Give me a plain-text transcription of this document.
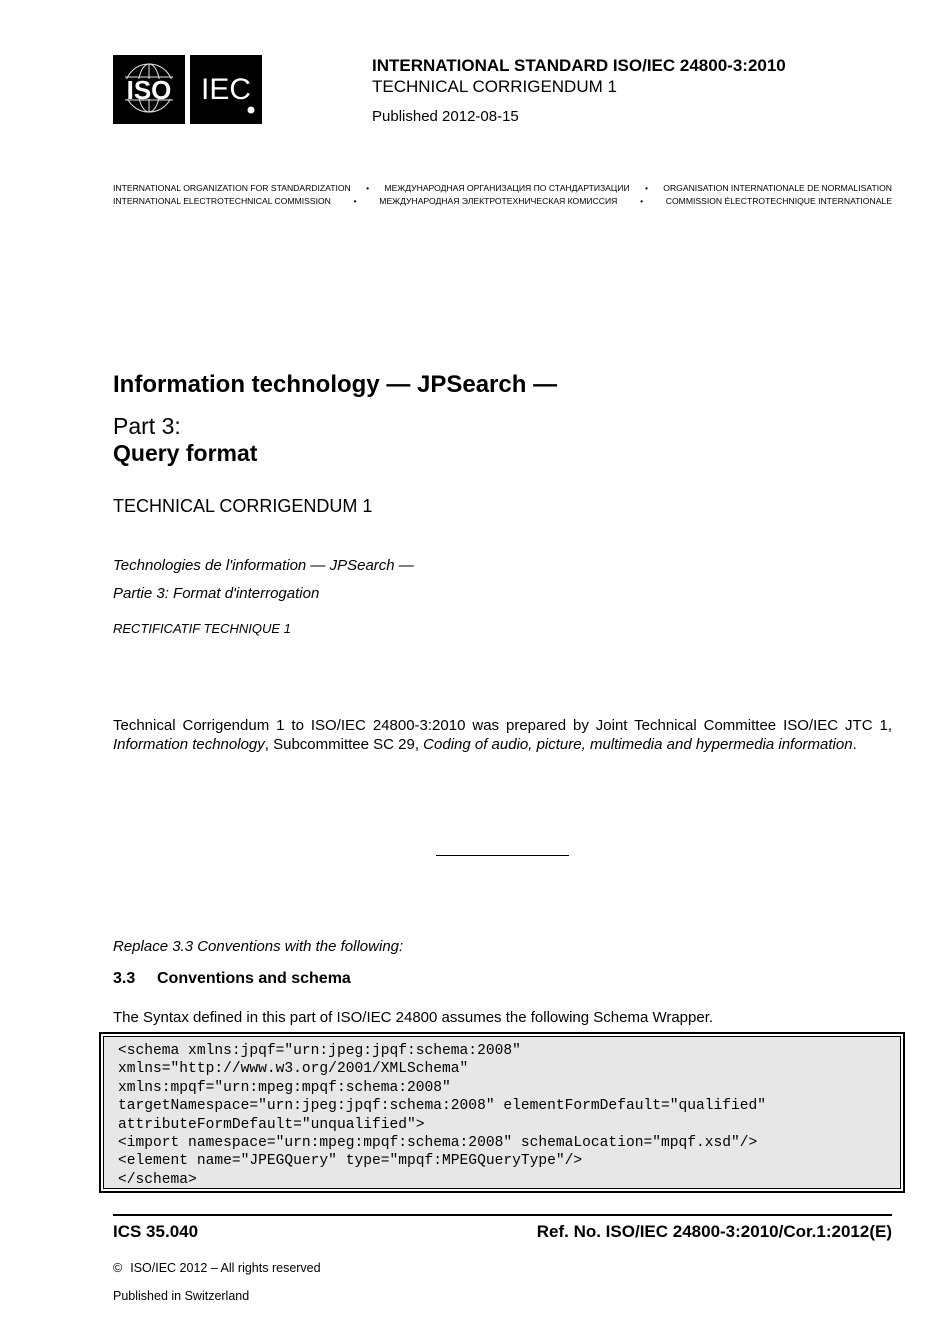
ISO IEC
INTERNATIONAL STANDARD ISO/IEC 24800-3:2010
TECHNICAL CORRIGENDUM 1
Published 2012-08-15
INTERNATIONAL ORGANIZATION FOR STANDARDIZATION	•	МЕЖДУНАРОДНАЯ ОРГАНИЗАЦИЯ ПО СТАНДАРТИЗАЦИИ	•	ORGANISATION INTERNATIONALE DE NORMALISATION
INTERNATIONAL ELECTROTECHNICAL COMMISSION	•	МЕЖДУНАРОДНАЯ ЭЛЕКТРОТЕХНИЧЕСКАЯ КОМИССИЯ	•	COMMISSION ÉLECTROTECHNIQUE INTERNATIONALE
Information technology — JPSearch —
Part 3:
Query format
TECHNICAL CORRIGENDUM 1
Technologies de l'information — JPSearch —
Partie 3: Format d'interrogation
RECTIFICATIF TECHNIQUE 1
Technical Corrigendum 1 to ISO/IEC 24800-3:2010 was prepared by Joint Technical Committee ISO/IEC JTC 1, Information technology, Subcommittee SC 29, Coding of audio, picture, multimedia and hypermedia information.
Replace 3.3 Conventions with the following:
3.3 Conventions and schema
The Syntax defined in this part of ISO/IEC 24800 assumes the following Schema Wrapper.
<schema xmlns:jpqf="urn:jpeg:jpqf:schema:2008"
xmlns="http://www.w3.org/2001/XMLSchema"
xmlns:mpqf="urn:mpeg:mpqf:schema:2008"
targetNamespace="urn:jpeg:jpqf:schema:2008" elementFormDefault="qualified"
attributeFormDefault="unqualified">
<import namespace="urn:mpeg:mpqf:schema:2008" schemaLocation="mpqf.xsd"/>
<element name="JPEGQuery" type="mpqf:MPEGQueryType"/>
</schema>
ICS 35.040	Ref. No. ISO/IEC 24800-3:2010/Cor.1:2012(E)
© ISO/IEC 2012 – All rights reserved
Published in Switzerland
